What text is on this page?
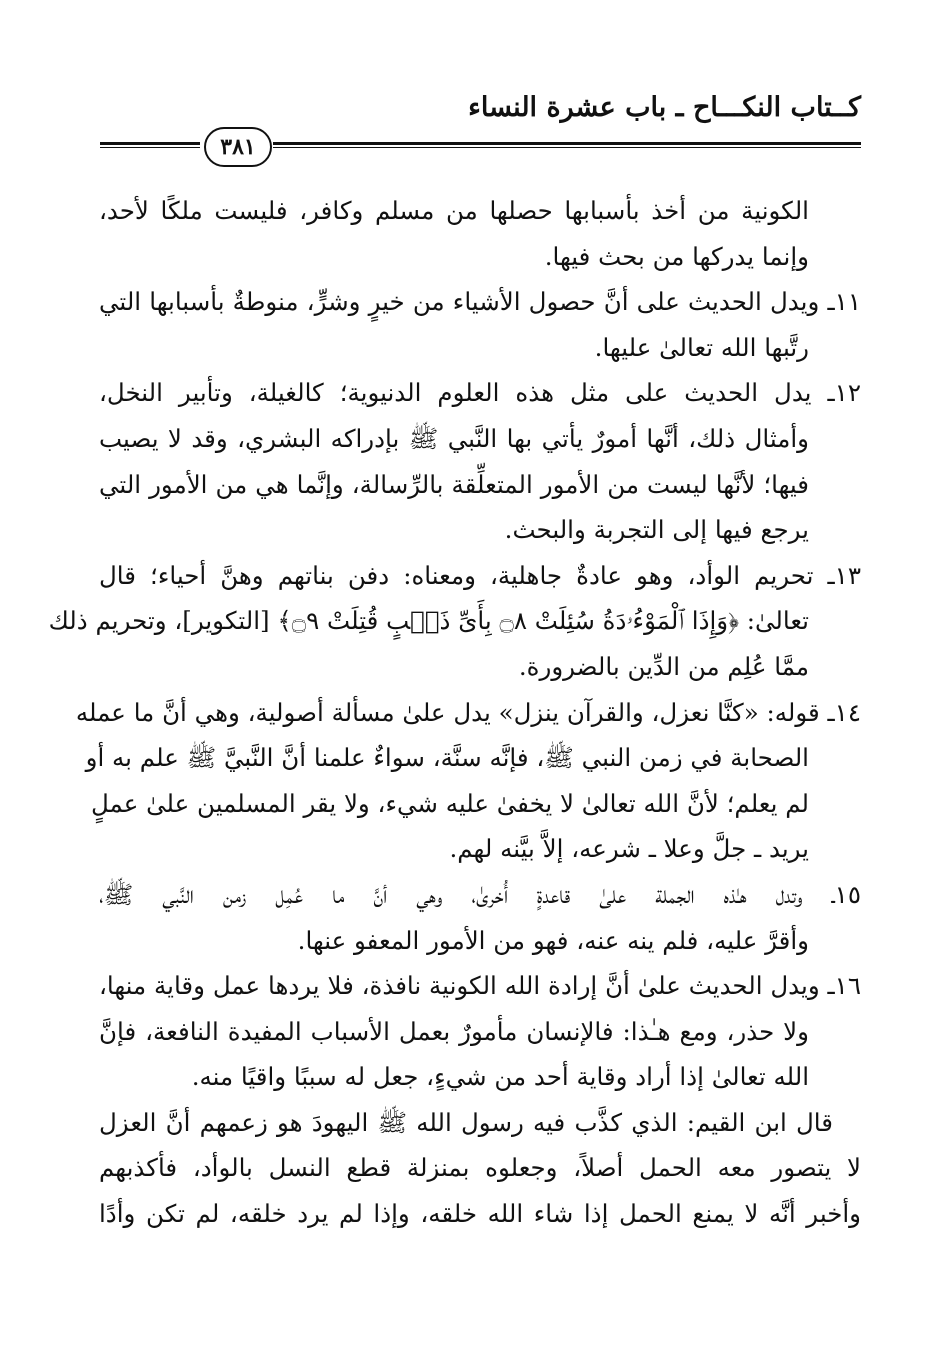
كــتاب النكـــاح ـ باب عشرة النساء
٣٨١
الكونية من أخذ بأسبابها حصلها من مسلم وكافر، فليست ملكًا لأحد،
وإنما يدركها من بحث فيها.
١١ـ ويدل الحديث على أنَّ حصول الأشياء من خيرٍ وشرٍّ، منوطةٌ بأسبابها التي
رتَّبها الله تعالىٰ عليها.
١٢ـ يدل الحديث على مثل هذه العلوم الدنيوية؛ كالغيلة، وتأبير النخل،
وأمثال ذلك، أنَّها أمورٌ يأتي بها النَّبي ﷺ بإدراكه البشري، وقد لا يصيب
فيها؛ لأنَّها ليست من الأمور المتعلِّقة بالرِّسالة، وإنَّما هي من الأمور التي
يرجع فيها إلى التجربة والبحث.
١٣ـ تحريم الوأد، وهو عادةٌ جاهلية، ومعناه: دفن بناتهم وهنَّ أحياء؛ قال
تعالىٰ: ﴿وَإِذَا ٱلْمَوْءُۥدَةُ سُئِلَتْ ۝٨ بِأَىِّ ذَنۢبٍ قُتِلَتْ ۝٩﴾ [التكوير]، وتحريم ذلك
ممَّا عُلِم من الدِّين بالضرورة.
١٤ـ قوله: «كنَّا نعزل، والقرآن ينزل» يدل علىٰ مسألة أصولية، وهي أنَّ ما عمله
الصحابة في زمن النبي ﷺ، فإنَّه سنَّة، سواءٌ علمنا أنَّ النَّبيَّ ﷺ علم به أو
لم يعلم؛ لأنَّ الله تعالىٰ لا يخفىٰ عليه شيء، ولا يقر المسلمين علىٰ عملٍ
يريد ـ جلَّ وعلا ـ شرعه، إلاَّ بيَّنه لهم.
١٥ـ وتدل هـٰذه الجملة علىٰ قاعدةٍ أُخرىٰ، وهي أنَّ ما عُمِل زمن النَّبي ﷺ،
وأقرَّ عليه، فلم ينه عنه، فهو من الأمور المعفو عنها.
١٦ـ ويدل الحديث علىٰ أنَّ إرادة الله الكونية نافذة، فلا يردها عمل وقاية منها،
ولا حذر، ومع هـٰذا: فالإنسان مأمورٌ بعمل الأسباب المفيدة النافعة، فإنَّ
الله تعالىٰ إذا أراد وقاية أحد من شيءٍ، جعل له سببًا واقيًا منه.
قال ابن القيم: الذي كذَّب فيه رسول الله ﷺ اليهودَ هو زعمهم أنَّ العزل
لا يتصور معه الحمل أصلاً، وجعلوه بمنزلة قطع النسل بالوأد، فأكذبهم
وأخبر أنَّه لا يمنع الحمل إذا شاء الله خلقه، وإذا لم يرد خلقه، لم تكن وأدًا
